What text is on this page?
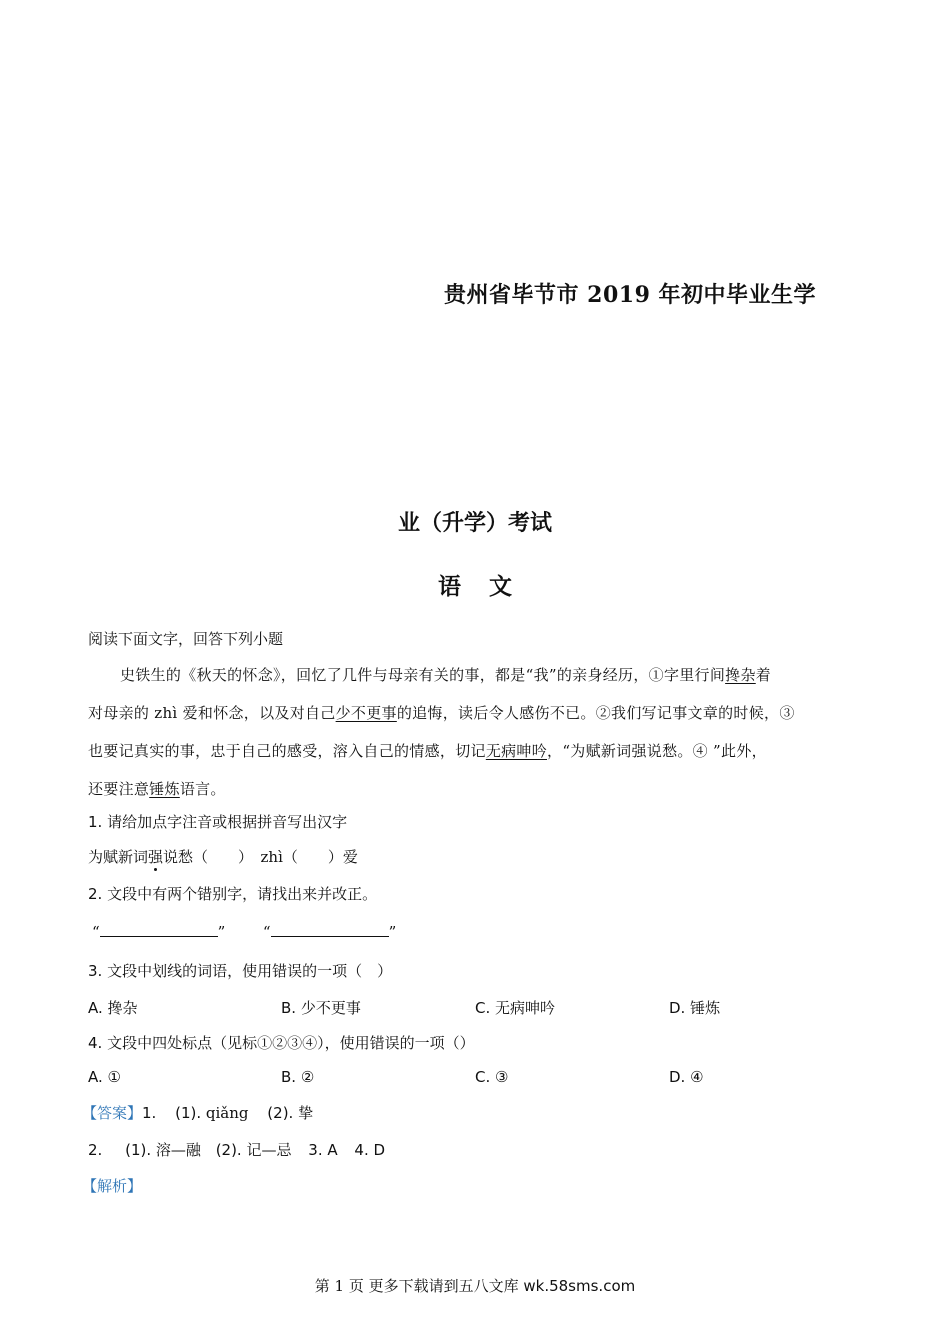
贵州省毕节市 2019 年初中毕业生学
业（升学）考试
语文
阅读下面文字，回答下列小题
史铁生的《秋天的怀念》，回忆了几件与母亲有关的事，都是“我”的亲身经历，①字里行间搀杂着
对母亲的 zhì 爱和怀念，以及对自己少不更事的追悔，读后令人感伤不已。②我们写记事文章的时候，③
也要记真实的事，忠于自己的感受，溶入自己的情感，切记无病呻吟，“为赋新词强说愁。④ ”此外，
还要注意锤炼语言。
1. 请给加点字注音或根据拼音写出汉字
为赋新词强说愁（　　）　zhì（　　）爱
2. 文段中有两个错别字，请找出来并改正。
“	”	“	”
3. 文段中划线的词语，使用错误的一项（　）
A. 搀杂	B. 少不更事	C. 无病呻吟	D. 锤炼
4. 文段中四处标点（见标①②③④），使用错误的一项（）
A. ①	B. ②	C. ③	D. ④
【答案】1. (1). qiǎng (2). 挚
2. (1). 溶—融 (2). 记—忌 3. A 4. D
【解析】
第 1 页 更多下载请到五八文库 wk.58sms.com
